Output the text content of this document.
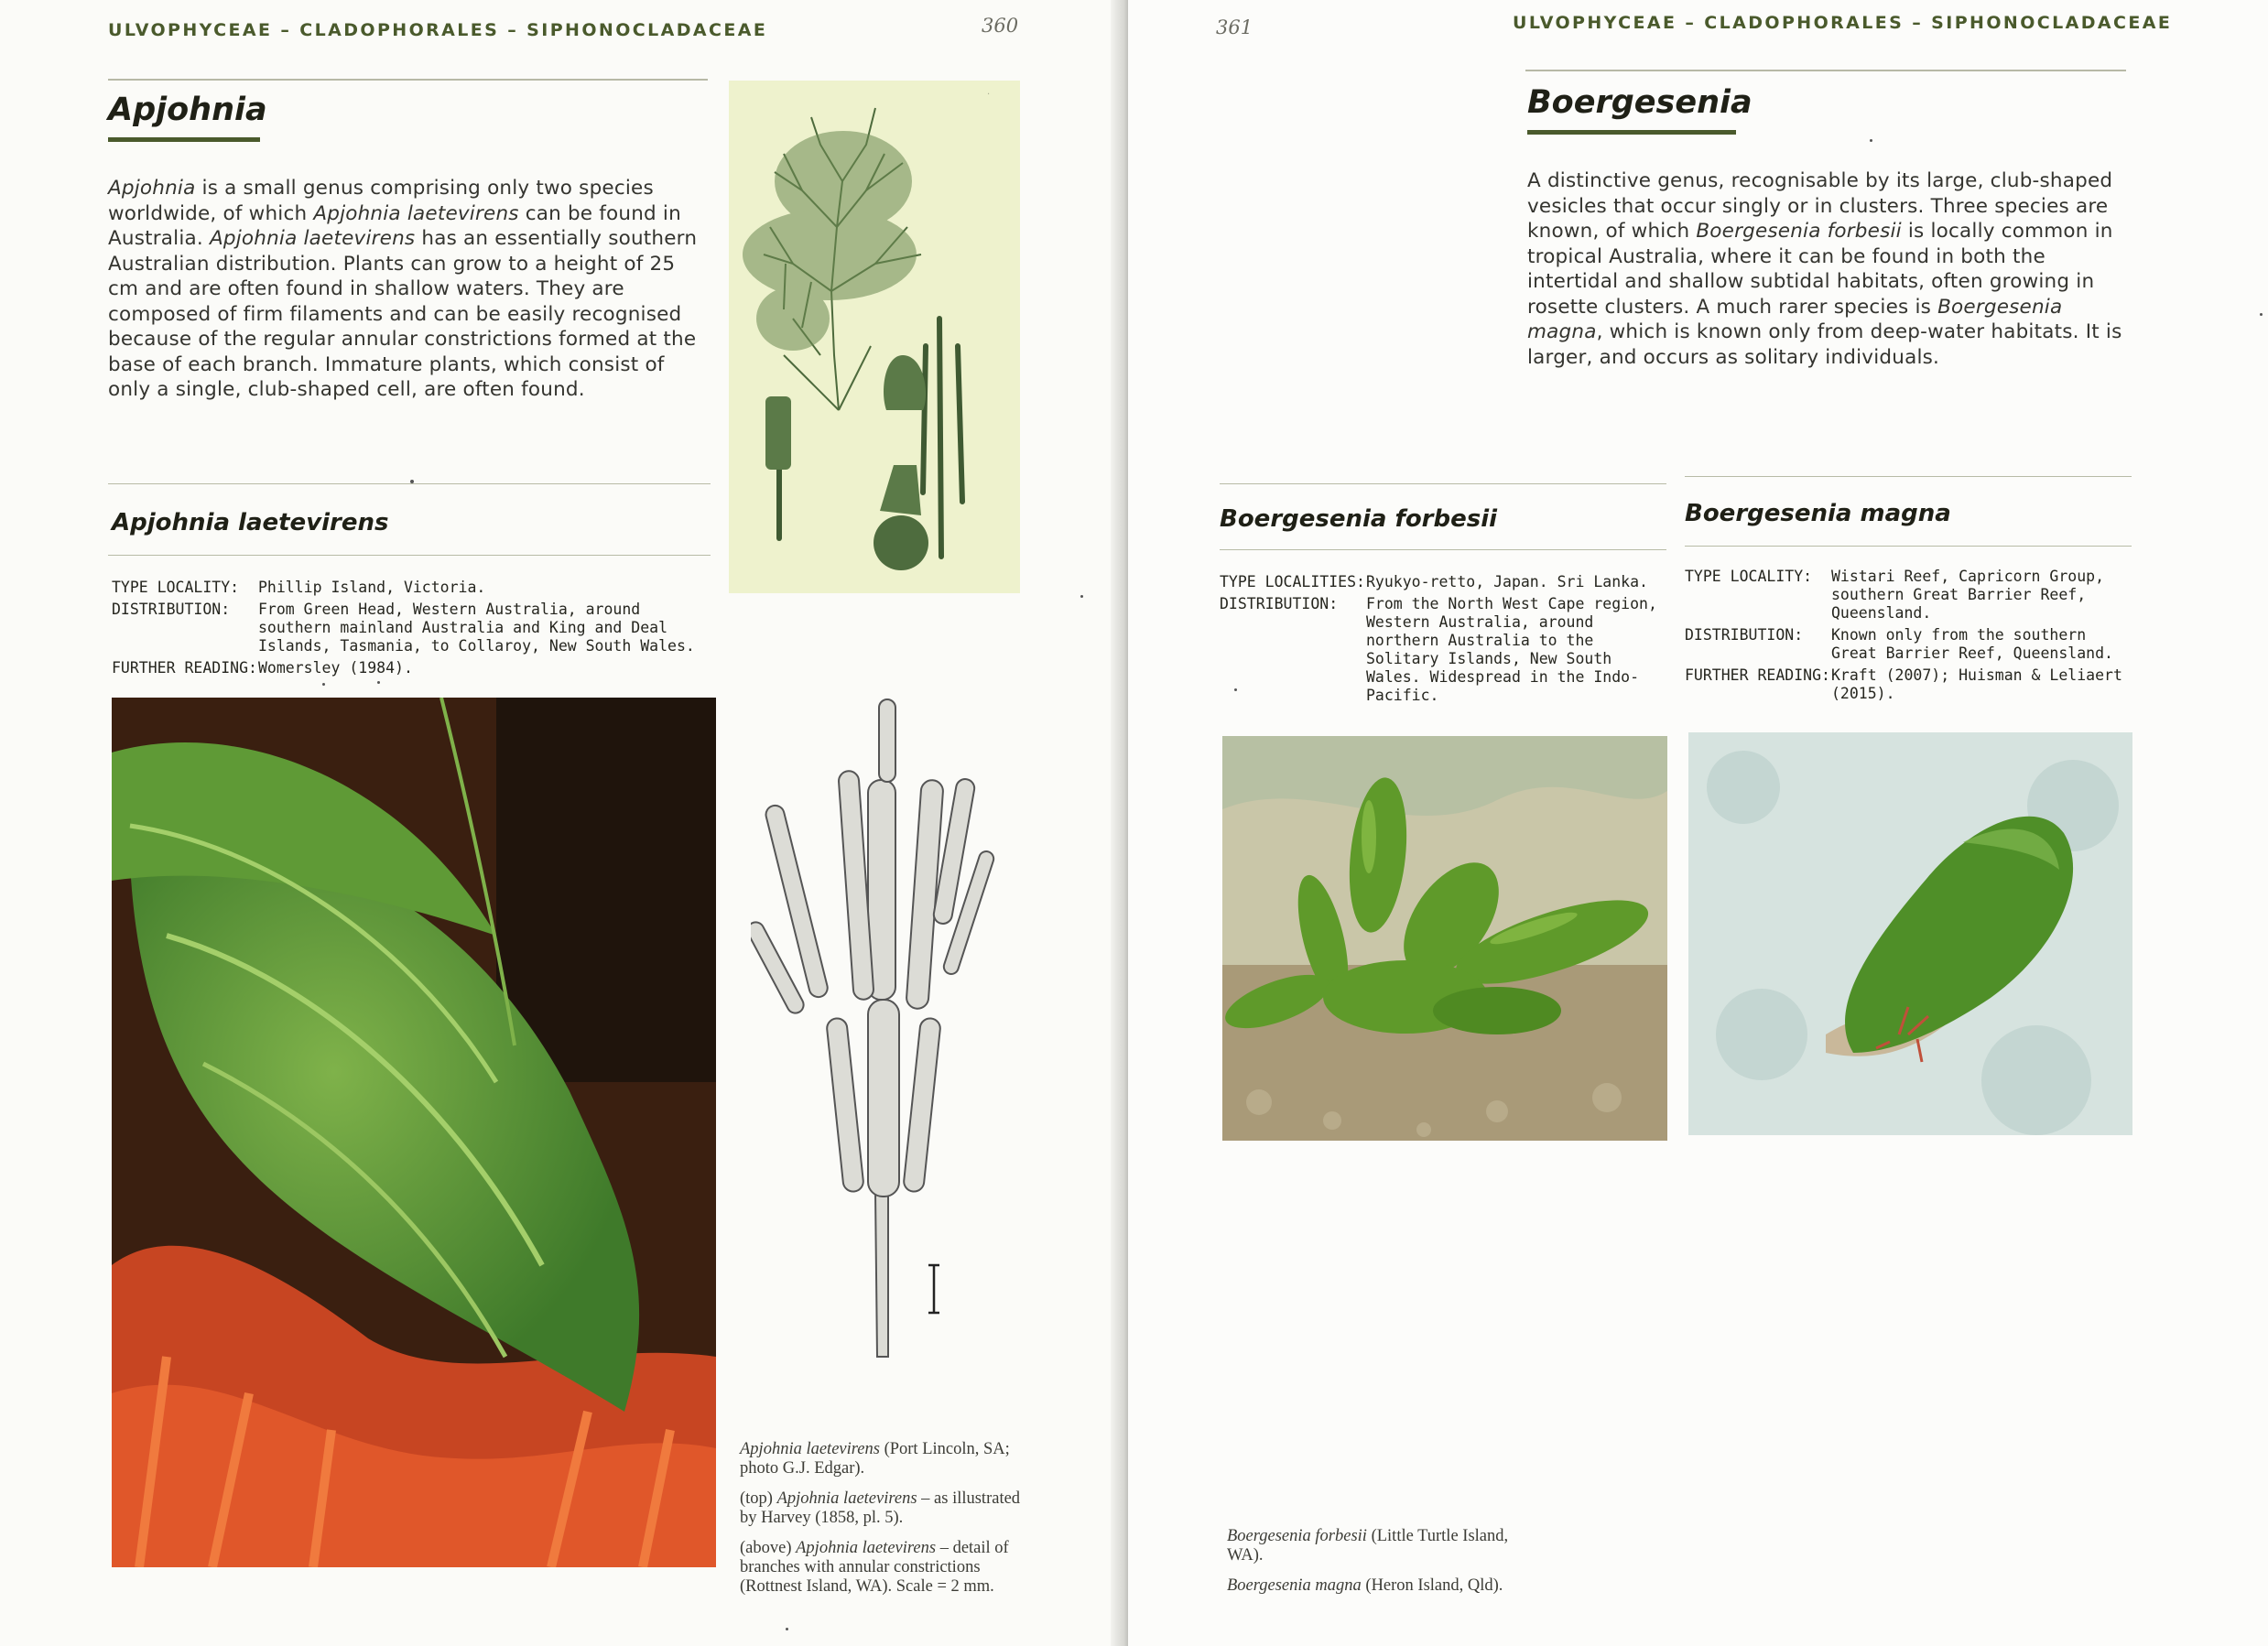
ULVOPHYCEAE – CLADOPHORALES – SIPHONOCLADACEAE	360
Apjohnia
Apjohnia is a small genus comprising only two species worldwide, of which Apjohnia laetevirens can be found in Australia. Apjohnia laetevirens has an essentially southern Australian distribution. Plants can grow to a height of 25 cm and are often found in shallow waters. They are composed of firm filaments and can be easily recognised because of the regular annular constrictions formed at the base of each branch. Immature plants, which consist of only a single, club-shaped cell, are often found.
Apjohnia laetevirens
TYPE LOCALITY:	Phillip Island, Victoria.
DISTRIBUTION:	From Green Head, Western Australia, around southern mainland Australia and King and Deal Islands, Tasmania, to Collaroy, New South Wales.
FURTHER READING: Womersley (1984).
·

Apjohnia laetevirens (Port Lincoln, SA; photo G.J. Edgar).

(top) Apjohnia laetevirens – as illustrated by Harvey (1858, pl. 5).

(above) Apjohnia laetevirens – detail of branches with annular constrictions (Rottnest Island, WA). Scale = 2 mm.

361	ULVOPHYCEAE – CLADOPHORALES – SIPHONOCLADACEAE
Boergesenia
A distinctive genus, recognisable by its large, club-shaped vesicles that occur singly or in clusters. Three species are known, of which Boergesenia forbesii is locally common in tropical Australia, where it can be found in both the intertidal and shallow subtidal habitats, often growing in rosette clusters. A much rarer species is Boergesenia magna, which is known only from deep-water habitats. It is larger, and occurs as solitary individuals.
Boergesenia forbesii
TYPE LOCALITIES: Ryukyo-retto, Japan. Sri Lanka.
DISTRIBUTION:	From the North West Cape region, Western Australia, around northern Australia to the Solitary Islands, New South Wales. Widespread in the Indo-Pacific.
Boergesenia magna
TYPE LOCALITY:	Wistari Reef, Capricorn Group, southern Great Barrier Reef, Queensland.
DISTRIBUTION:	Known only from the southern Great Barrier Reef, Queensland.
FURTHER READING: Kraft (2007); Huisman & Leliaert (2015).

Boergesenia forbesii (Little Turtle Island, WA).

Boergesenia magna (Heron Island, Qld).
